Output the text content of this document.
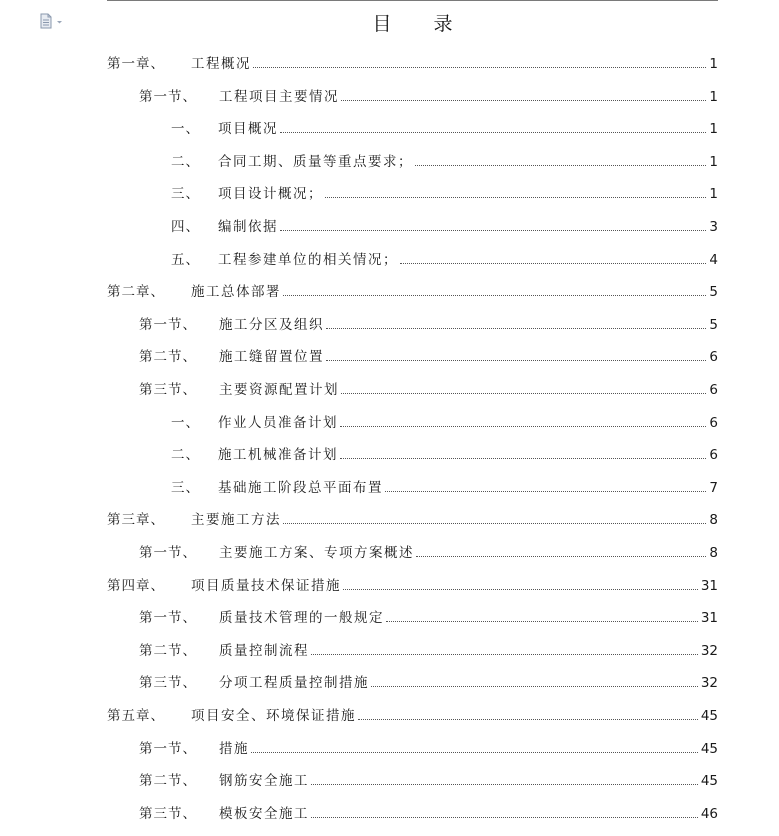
目 录
第一章、	工程概况	1
第一节、	工程项目主要情况	1
一、	项目概况	1
二、	合同工期、质量等重点要求；	1
三、	项目设计概况；	1
四、	编制依据	3
五、	工程参建单位的相关情况；	4
第二章、	施工总体部署	5
第一节、	施工分区及组织	5
第二节、	施工缝留置位置	6
第三节、	主要资源配置计划	6
一、	作业人员准备计划	6
二、	施工机械准备计划	6
三、	基础施工阶段总平面布置	7
第三章、	主要施工方法	8
第一节、	主要施工方案、专项方案概述	8
第四章、	项目质量技术保证措施	31
第一节、	质量技术管理的一般规定	31
第二节、	质量控制流程	32
第三节、	分项工程质量控制措施	32
第五章、	项目安全、环境保证措施	45
第一节、	措施	45
第二节、	钢筋安全施工	45
第三节、	模板安全施工	46
